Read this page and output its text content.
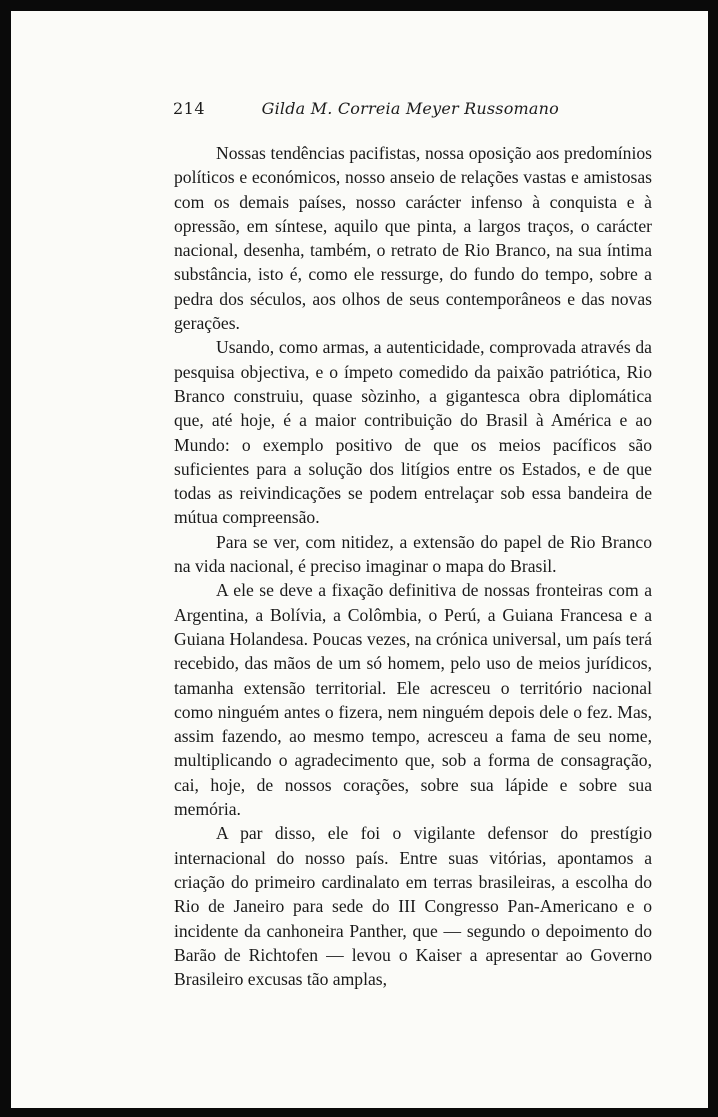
214	Gilda M. Correia Meyer Russomano

Nossas tendências pacifistas, nossa oposição aos predomínios políticos e económicos, nosso anseio de relações vastas e amistosas com os demais países, nosso carácter infenso à conquista e à opressão, em síntese, aquilo que pinta, a largos traços, o carácter nacional, desenha, também, o retrato de Rio Branco, na sua íntima substância, isto é, como ele ressurge, do fundo do tempo, sobre a pedra dos séculos, aos olhos de seus contemporâneos e das novas gerações.

Usando, como armas, a autenticidade, comprovada através da pesquisa objectiva, e o ímpeto comedido da paixão patriótica, Rio Branco construiu, quase sòzinho, a gigantesca obra diplomática que, até hoje, é a maior contribuição do Brasil à América e ao Mundo: o exemplo positivo de que os meios pacíficos são suficientes para a solução dos litígios entre os Estados, e de que todas as reivindicações se podem entrelaçar sob essa bandeira de mútua compreensão.

Para se ver, com nitidez, a extensão do papel de Rio Branco na vida nacional, é preciso imaginar o mapa do Brasil.

A ele se deve a fixação definitiva de nossas fronteiras com a Argentina, a Bolívia, a Colômbia, o Perú, a Guiana Francesa e a Guiana Holandesa. Poucas vezes, na crónica universal, um país terá recebido, das mãos de um só homem, pelo uso de meios jurídicos, tamanha extensão territorial. Ele acresceu o território nacional como ninguém antes o fizera, nem ninguém depois dele o fez. Mas, assim fazendo, ao mesmo tempo, acresceu a fama de seu nome, multiplicando o agradecimento que, sob a forma de consagração, cai, hoje, de nossos corações, sobre sua lápide e sobre sua memória.

A par disso, ele foi o vigilante defensor do prestígio internacional do nosso país. Entre suas vitórias, apontamos a criação do primeiro cardinalato em terras brasileiras, a escolha do Rio de Janeiro para sede do III Congresso Pan-Americano e o incidente da canhoneira Panther, que — segundo o depoimento do Barão de Richtofen — levou o Kaiser a apresentar ao Governo Brasileiro excusas tão amplas,
